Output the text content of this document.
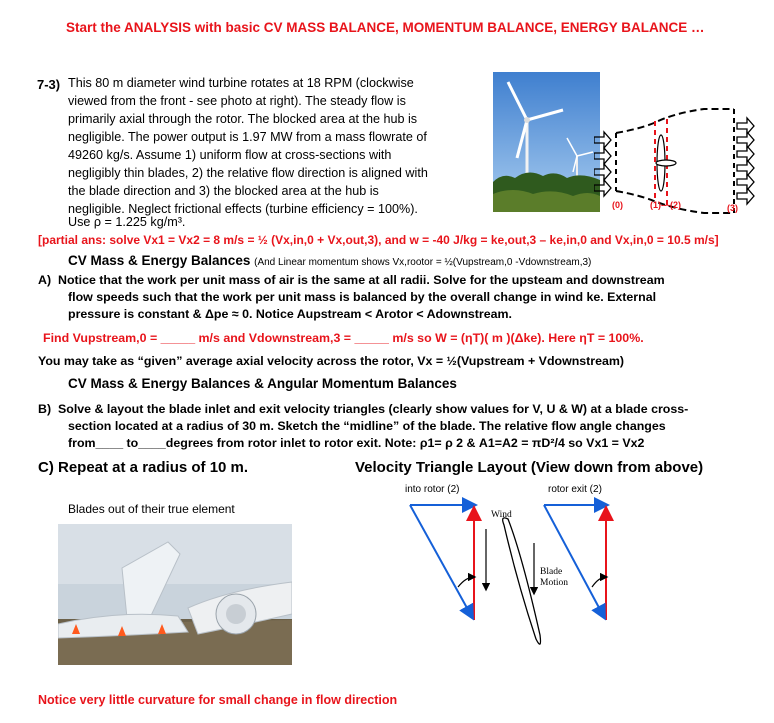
Start the ANALYSIS with basic CV MASS BALANCE, MOMENTUM BALANCE, ENERGY BALANCE …
7-3) This 80 m diameter wind turbine rotates at 18 RPM (clockwise
viewed from the front - see photo at right). The steady flow is
primarily axial through the rotor. The blocked area at the hub is
negligible. The power output is 1.97 MW from a mass flowrate of
49260 kg/s. Assume 1) uniform flow at cross-sections with
negligibly thin blades, 2) the relative flow direction is aligned with
the blade direction and 3) the blocked area at the hub is
negligible. Neglect frictional effects (turbine efficiency = 100%).
Use ρ = 1.225 kg/m³.
(0)	(1)---(2)	(3)
[partial ans: solve Vx1 = Vx2 = 8 m/s = ½ (Vx,in,0 + Vx,out,3), and w = -40 J/kg = ke,out,3 – ke,in,0 and Vx,in,0 = 10.5 m/s]
CV Mass & Energy Balances (And Linear momentum shows Vx,rootor = ½(Vupstream,0 -Vdownstream,3)
A) Notice that the work per unit mass of air is the same at all radii. Solve for the upsteam and downstream
flow speeds such that the work per unit mass is balanced by the overall change in wind ke. External
pressure is constant & Δpe ≈ 0. Notice Aupstream < Arotor < Adownstream.
Find Vupstream,0 = _____ m/s and Vdownstream,3 = _____ m/s so W = (ηT)( m )(Δke). Here ηT = 100%.
You may take as “given” average axial velocity across the rotor, Vx = ½(Vupstream + Vdownstream)
CV Mass & Energy Balances & Angular Momentum Balances
B) Solve & layout the blade inlet and exit velocity triangles (clearly show values for V, U & W) at a blade cross-
section located at a radius of 30 m. Sketch the “midline” of the blade. The relative flow angle changes
from____ to____degrees from rotor inlet to rotor exit. Note: ρ1= ρ 2 & A1=A2 = πD²/4 so Vx1 = Vx2
C) Repeat at a radius of 10 m.	Velocity Triangle Layout (View down from above)
into rotor (2)	rotor exit (2)
Blades out of their true element	Wind
Blade
Motion
Notice very little curvature for small change in flow direction
